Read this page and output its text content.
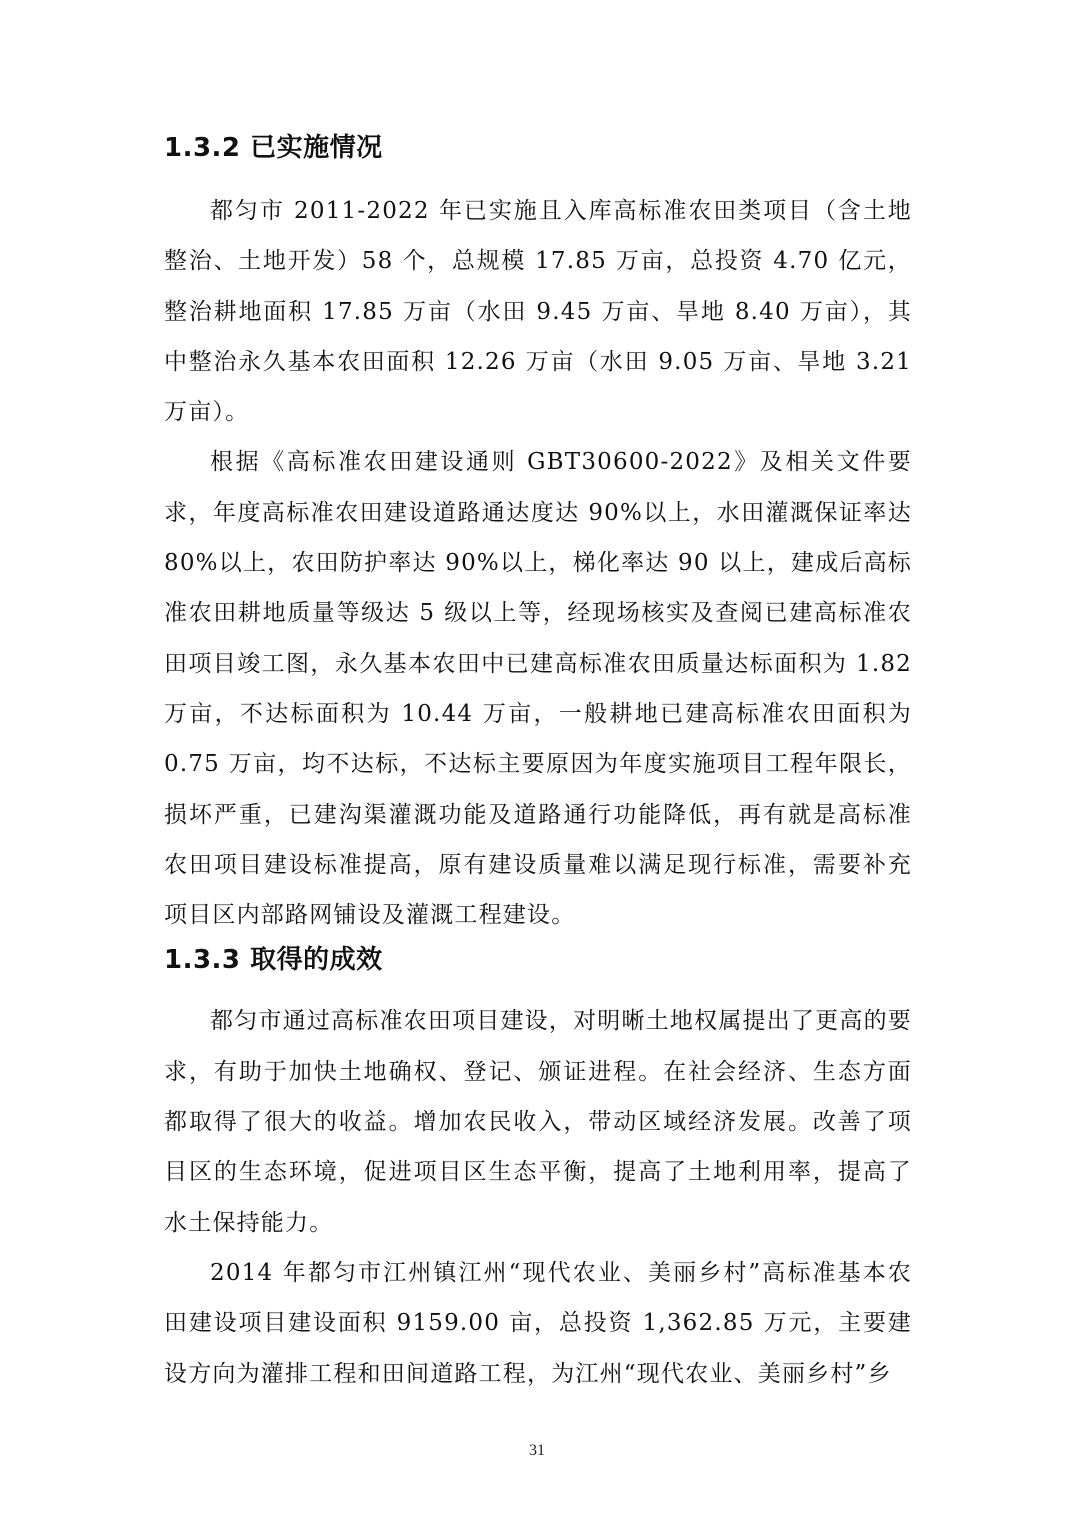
1.3.2 已实施情况

都匀市 2011-2022 年已实施且入库高标准农田类项目（含土地整治、土地开发）58 个，总规模 17.85 万亩，总投资 4.70 亿元，整治耕地面积 17.85 万亩（水田 9.45 万亩、旱地 8.40 万亩），其中整治永久基本农田面积 12.26 万亩（水田 9.05 万亩、旱地 3.21 万亩）。

根据《高标准农田建设通则 GBT30600-2022》及相关文件要求，年度高标准农田建设道路通达度达 90%以上，水田灌溉保证率达 80%以上，农田防护率达 90%以上，梯化率达 90 以上，建成后高标准农田耕地质量等级达 5 级以上等，经现场核实及查阅已建高标准农田项目竣工图，永久基本农田中已建高标准农田质量达标面积为 1.82 万亩，不达标面积为 10.44 万亩，一般耕地已建高标准农田面积为 0.75 万亩，均不达标，不达标主要原因为年度实施项目工程年限长，损坏严重，已建沟渠灌溉功能及道路通行功能降低，再有就是高标准农田项目建设标准提高，原有建设质量难以满足现行标准，需要补充项目区内部路网铺设及灌溉工程建设。

1.3.3 取得的成效

都匀市通过高标准农田项目建设，对明晰土地权属提出了更高的要求，有助于加快土地确权、登记、颁证进程。在社会经济、生态方面都取得了很大的收益。增加农民收入，带动区域经济发展。改善了项目区的生态环境，促进项目区生态平衡，提高了土地利用率，提高了水土保持能力。

2014 年都匀市江州镇江州“现代农业、美丽乡村”高标准基本农田建设项目建设面积 9159.00 亩，总投资 1,362.85 万元，主要建设方向为灌排工程和田间道路工程，为江州“现代农业、美丽乡村”乡

31
